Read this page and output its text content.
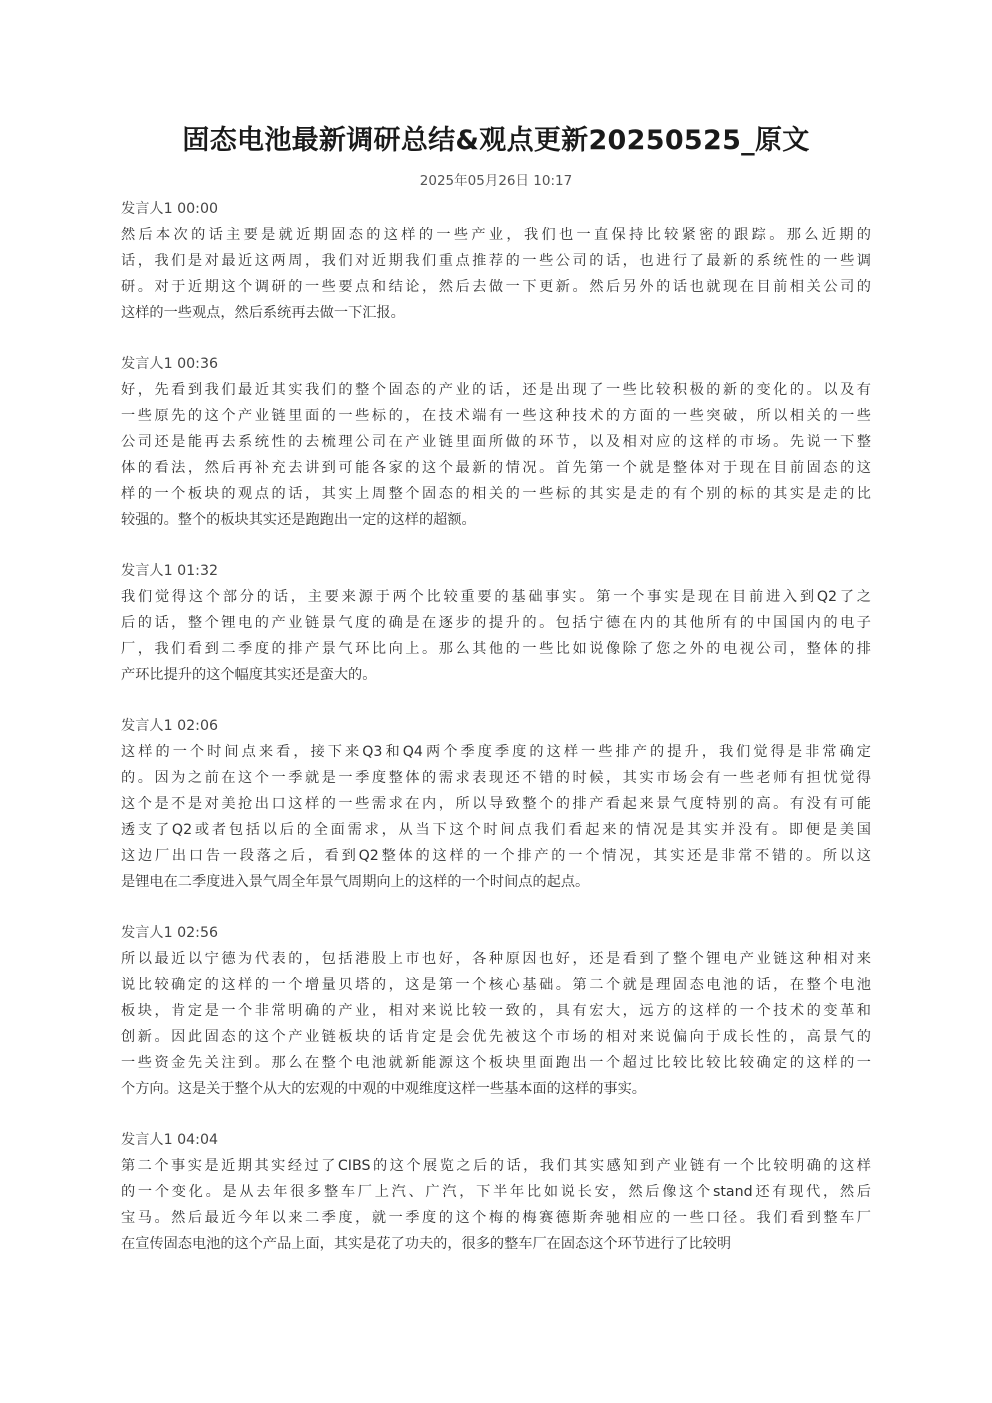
固态电池最新调研总结&观点更新20250525_原文
2025年05月26日 10:17
发言人1 00:00

然后本次的话主要是就近期固态的这样的一些产业，我们也一直保持比较紧密的跟踪。那么近期的
话，我们是对最近这两周，我们对近期我们重点推荐的一些公司的话，也进行了最新的系统性的一些调
研。对于近期这个调研的一些要点和结论，然后去做一下更新。然后另外的话也就现在目前相关公司的
这样的一些观点，然后系统再去做一下汇报。

发言人1 00:36

好，先看到我们最近其实我们的整个固态的产业的话，还是出现了一些比较积极的新的变化的。以及有
一些原先的这个产业链里面的一些标的，在技术端有一些这种技术的方面的一些突破，所以相关的一些
公司还是能再去系统性的去梳理公司在产业链里面所做的环节，以及相对应的这样的市场。先说一下整
体的看法，然后再补充去讲到可能各家的这个最新的情况。首先第一个就是整体对于现在目前固态的这
样的一个板块的观点的话，其实上周整个固态的相关的一些标的其实是走的有个别的标的其实是走的比
较强的。整个的板块其实还是跑跑出一定的这样的超额。

发言人1 01:32

我们觉得这个部分的话，主要来源于两个比较重要的基础事实。第一个事实是现在目前进入到Q2了之
后的话，整个锂电的产业链景气度的确是在逐步的提升的。包括宁德在内的其他所有的中国国内的电子
厂，我们看到二季度的排产景气环比向上。那么其他的一些比如说像除了您之外的电视公司，整体的排
产环比提升的这个幅度其实还是蛮大的。

发言人1 02:06

这样的一个时间点来看，接下来Q3和Q4两个季度季度的这样一些排产的提升，我们觉得是非常确定
的。因为之前在这个一季就是一季度整体的需求表现还不错的时候，其实市场会有一些老师有担忧觉得
这个是不是对美抢出口这样的一些需求在内，所以导致整个的排产看起来景气度特别的高。有没有可能
透支了Q2或者包括以后的全面需求，从当下这个时间点我们看起来的情况是其实并没有。即便是美国
这边厂出口告一段落之后，看到Q2整体的这样的一个排产的一个情况，其实还是非常不错的。所以这
是锂电在二季度进入景气周全年景气周期向上的这样的一个时间点的起点。

发言人1 02:56

所以最近以宁德为代表的，包括港股上市也好，各种原因也好，还是看到了整个锂电产业链这种相对来
说比较确定的这样的一个增量贝塔的，这是第一个核心基础。第二个就是理固态电池的话，在整个电池
板块，肯定是一个非常明确的产业，相对来说比较一致的，具有宏大，远方的这样的一个技术的变革和
创新。因此固态的这个产业链板块的话肯定是会优先被这个市场的相对来说偏向于成长性的，高景气的
一些资金先关注到。那么在整个电池就新能源这个板块里面跑出一个超过比较比较比较确定的这样的一
个方向。这是关于整个从大的宏观的中观的中观维度这样一些基本面的这样的事实。

发言人1 04:04

第二个事实是近期其实经过了CIBS的这个展览之后的话，我们其实感知到产业链有一个比较明确的这样
的一个变化。是从去年很多整车厂上汽、广汽，下半年比如说长安，然后像这个stand还有现代，然后
宝马。然后最近今年以来二季度，就一季度的这个梅的梅赛德斯奔驰相应的一些口径。我们看到整车厂
在宣传固态电池的这个产品上面，其实是花了功夫的，很多的整车厂在固态这个环节进行了比较明
